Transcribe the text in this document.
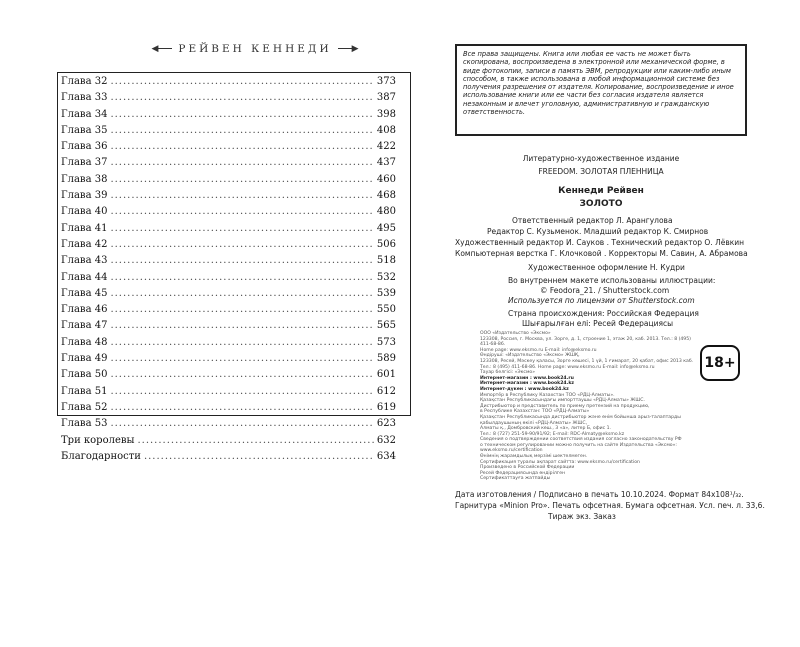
◀	РЕЙВЕН КЕННЕДИ	▶
Глава 32 .....	373
Глава 33 .....	387
Глава 34 .....	398
Глава 35 .....	408
Глава 36 .....	422
Глава 37 .....	437
Глава 38 .....	460
Глава 39 .....	468
Глава 40 .....	480
Глава 41 .....	495
Глава 42 .....	506
Глава 43 .....	518
Глава 44 .....	532
Глава 45 .....	539
Глава 46 .....	550
Глава 47 .....	565
Глава 48 .....	573
Глава 49 .....	589
Глава 50 .....	601
Глава 51 .....	612
Глава 52 .....	619
Глава 53 .....	623
Три королевы .....	632
Благодарности .....	634
Все права защищены. Книга или любая ее часть не может быть скопирована, воспроизведена в электронной или механической форме, в виде фотокопии, записи в память ЭВМ, репродукции или каким-либо иным способом, в также использована в любой информационной системе без получения разрешения от издателя. Копирование, воспроизведение и иное использование книги или ее части без согласия издателя является незаконным и влечет уголовную, административную и гражданскую ответственность.
Литературно-художественное издание
FREEDOM. ЗОЛОТАЯ ПЛЕННИЦА
Кеннеди Рейвен
ЗОЛОТО
Ответственный редактор Л. Арангулова
Редактор С. Кузьменок. Младший редактор К. Смирнов
Художественный редактор И. Сауков . Технический редактор О. Лёвкин
Компьютерная верстка Г. Клочковой . Корректоры М. Савин, А. Абрамова
Художественное оформление Н. Кудри
Во внутреннем макете использованы иллюстрации:
© Feodora_21. / Shutterstock.com
Используется по лицензии от Shutterstock.com
Страна происхождения: Российская Федерация
Шығарылған елі: Ресей Федерациясы
ООО «Издательство «Эксмо»
123308, Россия, г. Москва, ул. Зорге, д. 1, строение 1, этаж 20, каб. 2013. Тел.: 8 (495) 411-68-86.
Home page: www.eksmo.ru E-mail: info@eksmo.ru
Өндіруші: «Издательство «Эксмо» ЖШҚ,
123308, Ресей, Мәскеу қаласы, Зорге көшесі, 1 үй, 1 ғимарат, 20 қабат, офис 2013 каб.
Тел.: 8 (495) 411-68-86. Home page: www.eksmo.ru E-mail: info@eksmo.ru
Тауар белгісі: «Эксмо»
Интернет-магазин : www.book24.ru
Интернет-магазин : www.book24.kz
Интернет-дүкен : www.book24.kz
Импортёр в Республику Казахстан ТОО «РДЦ-Алматы».
Қазақстан Республикасындағы импорттаушы «РДЦ-Алматы» ЖШС.
Дистрибьютор и представитель по приему претензий на продукцию,
в Республике Казахстан: ТОО «РДЦ-Алматы»
Қазақстан Республикасында дистрибьютор және өнім бойынша арыз-талаптарды
қабылдаушының өкілі «РДЦ-Алматы» ЖШС,
Алматы қ., Домбровский көш., 3 «а», литер Б, офис 1.
Тел.: 8 (727) 251-59-90/91/92; E-mail: RDC-Almaty@eksmo.kz
Сведения о подтверждении соответствия издания согласно законодательству РФ
о техническом регулировании можно получить на сайте Издательства «Эксмо»:
www.eksmo.ru/certification
Өнімнің жарамдылық мерзімі шектелмеген.
Сертификация туралы ақпарат сайтта: www.eksmo.ru/certification
Произведено в Российской Федерации
Ресей Федерациясында өндірілген
Сертификаттауға жатпайды
18+
Дата изготовления / Подписано в печать 10.10.2024. Формат 84x108¹/₃₂.
Гарнитура «Minion Pro». Печать офсетная. Бумага офсетная. Усл. печ. л. 33,6.
Тираж экз. Заказ
